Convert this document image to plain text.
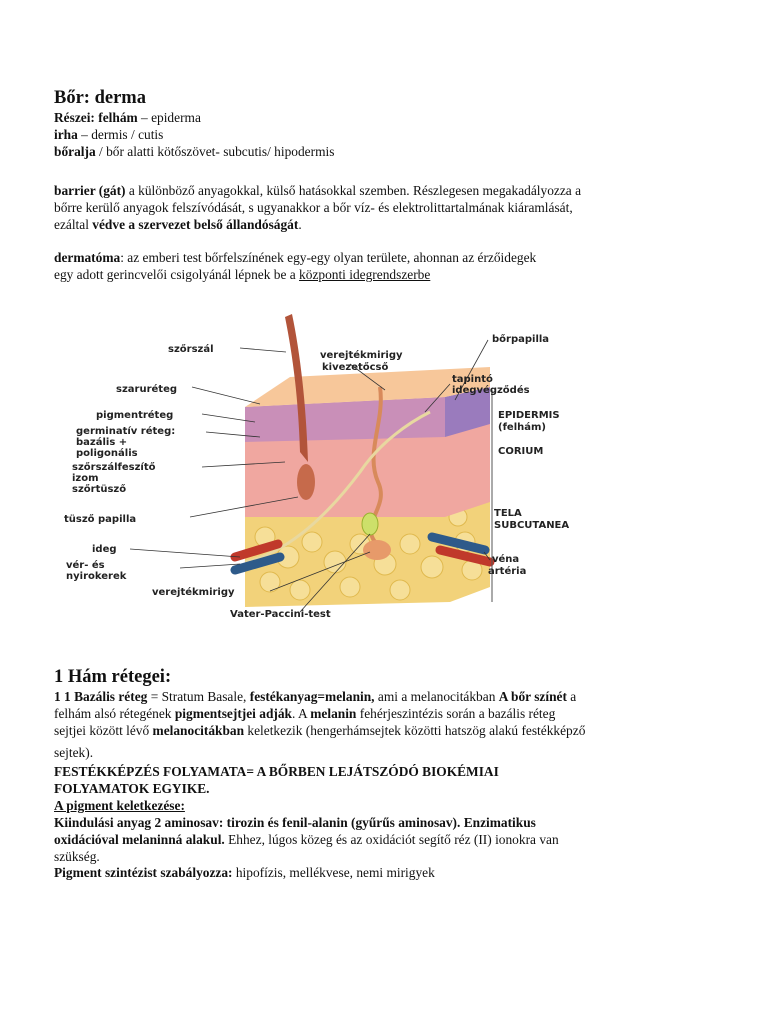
Bőr: derma
Részei: felhám – epiderma
irha – dermis / cutis
bőralja / bőr alatti kötőszövet- subcutis/ hipodermis
barrier (gát) a különböző anyagokkal, külső hatásokkal szemben. Részlegesen megakadályozza a
bőrre kerülő anyagok felszívódását, s ugyanakkor a bőr víz- és elektrolittartalmának kiáramlását,
ezáltal védve a szervezet belső állandóságát.
dermatóma: az emberi test bőrfelszínének egy-egy olyan területe, ahonnan az érzőidegek
egy adott gerincvelői csigolyánál lépnek be a központi idegrendszerbe
szőrszál
verejtékmirigy
kivezetőcső
bőrpapilla
tapintó
idegvégződés
szaruréteg
pigmentréteg
germinatív réteg:
bazális +
poligonális
szőrszálfeszítő
izom
szőrtüsző
EPIDERMIS
(felhám)
CORIUM
TELA
SUBCUTANEA
tüsző papilla
ideg
vér- és
nyirokerek
véna
artéria
verejtékmirigy
Vater-Paccini-test
1 Hám rétegei:
1 1 Bazális réteg = Stratum Basale, festékanyag=melanin, ami a melanocitákban A bőr színét a
felhám alsó rétegének pigmentsejtjei adják. A melanin fehérjeszintézis során a bazális réteg
sejtjei között lévő melanocitákban keletkezik (hengerhámsejtek közötti hatszög alakú festékképző
sejtek).
FESTÉKKÉPZÉS FOLYAMATA= A BŐRBEN LEJÁTSZÓDÓ BIOKÉMIAI
FOLYAMATOK EGYIKE.
A pigment keletkezése:
Kiindulási anyag 2 aminosav: tirozin és fenil-alanin (gyűrűs aminosav). Enzimatikus
oxidációval melaninná alakul. Ehhez, lúgos közeg és az oxidációt segítő réz (II) ionokra van
szükség.
Pigment szintézist szabályozza: hipofízis, mellékvese, nemi mirigyek
